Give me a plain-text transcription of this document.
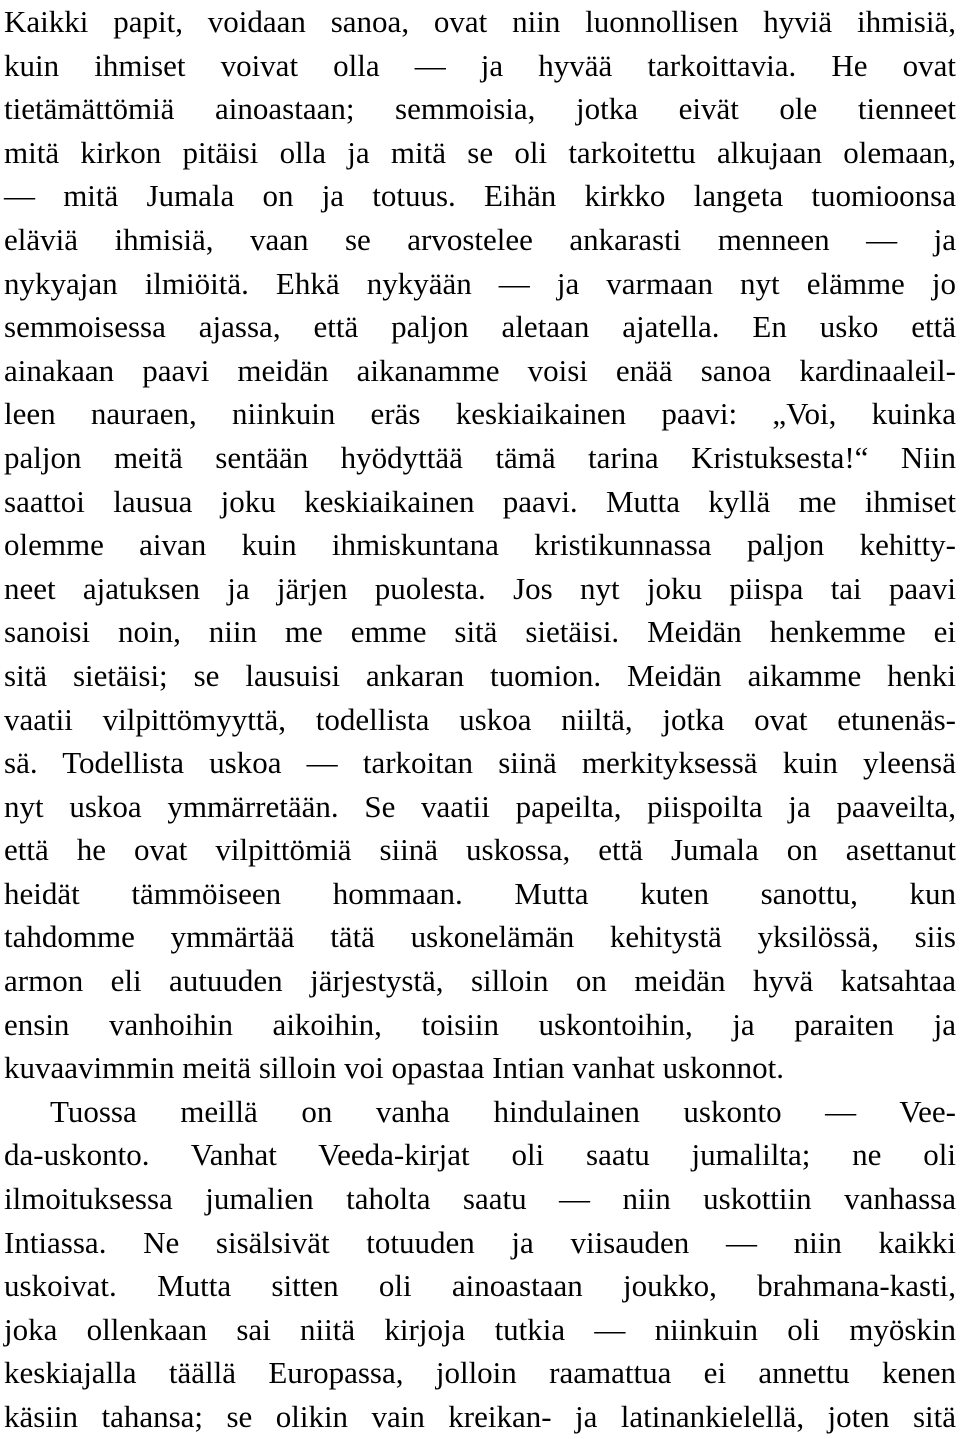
Kaikki papit, voidaan sanoa, ovat niin luonnollisen hyviä ihmisiä,
kuin ihmiset voivat olla — ja hyvää tarkoittavia. He ovat
tietämättömiä ainoastaan; semmoisia, jotka eivät ole tienneet
mitä kirkon pitäisi olla ja mitä se oli tarkoitettu alkujaan olemaan,
— mitä Jumala on ja totuus. Eihän kirkko langeta tuomioonsa
eläviä ihmisiä, vaan se arvostelee ankarasti menneen — ja
nykyajan ilmiöitä. Ehkä nykyään — ja varmaan nyt elämme jo
semmoisessa ajassa, että paljon aletaan ajatella. En usko että
ainakaan paavi meidän aikanamme voisi enää sanoa kardinaaleil-
leen nauraen, niinkuin eräs keskiaikainen paavi: „Voi, kuinka
paljon meitä sentään hyödyttää tämä tarina Kristuksesta!“ Niin
saattoi lausua joku keskiaikainen paavi. Mutta kyllä me ihmiset
olemme aivan kuin ihmiskuntana kristikunnassa paljon kehitty-
neet ajatuksen ja järjen puolesta. Jos nyt joku piispa tai paavi
sanoisi noin, niin me emme sitä sietäisi. Meidän henkemme ei
sitä sietäisi; se lausuisi ankaran tuomion. Meidän aikamme henki
vaatii vilpittömyyttä, todellista uskoa niiltä, jotka ovat etunenäs-
sä. Todellista uskoa — tarkoitan siinä merkityksessä kuin yleensä
nyt uskoa ymmärretään. Se vaatii papeilta, piispoilta ja paaveilta,
että he ovat vilpittömiä siinä uskossa, että Jumala on asettanut
heidät tämmöiseen hommaan. Mutta kuten sanottu, kun
tahdomme ymmärtää tätä uskonelämän kehitystä yksilössä, siis
armon eli autuuden järjestystä, silloin on meidän hyvä katsahtaa
ensin vanhoihin aikoihin, toisiin uskontoihin, ja paraiten ja
kuvaavimmin meitä silloin voi opastaa Intian vanhat uskonnot.
Tuossa meillä on vanha hindulainen uskonto — Vee-
da-uskonto. Vanhat Veeda-kirjat oli saatu jumalilta; ne oli
ilmoituksessa jumalien taholta saatu — niin uskottiin vanhassa
Intiassa. Ne sisälsivät totuuden ja viisauden — niin kaikki
uskoivat. Mutta sitten oli ainoastaan joukko, brahmana-kasti,
joka ollenkaan sai niitä kirjoja tutkia — niinkuin oli myöskin
keskiajalla täällä Europassa, jolloin raamattua ei annettu kenen
käsiin tahansa; se olikin vain kreikan- ja latinankielellä, joten sitä
